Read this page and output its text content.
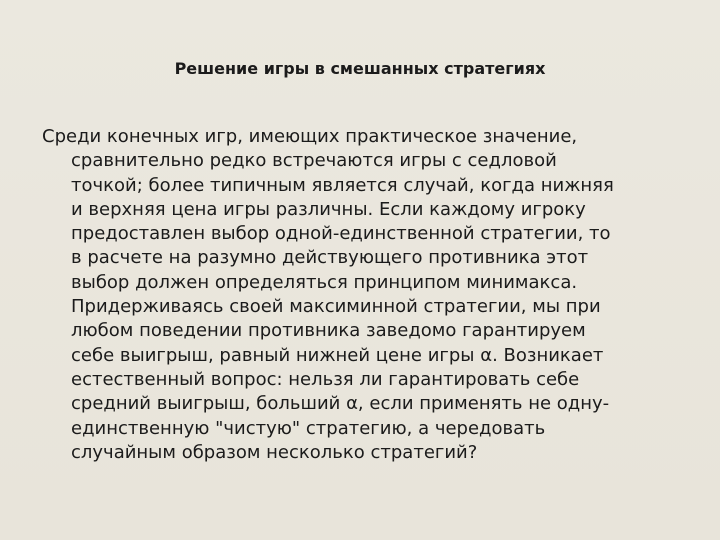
Решение игры в смешанных стратегиях
Среди конечных игр, имеющих практическое значение,
сравнительно редко встречаются игры с седловой
точкой; более типичным является случай, когда нижняя
и верхняя цена игры различны. Если каждому игроку
предоставлен выбор одной-единственной стратегии, то
в расчете на разумно действующего противника этот
выбор должен определяться принципом минимакса.
Придерживаясь своей максиминной стратегии, мы при
любом поведении противника заведомо гарантируем
себе выигрыш, равный нижней цене игры α. Возникает
естественный вопрос: нельзя ли гарантировать себе
средний выигрыш, больший α, если применять не одну-
единственную "чистую" стратегию, а чередовать
случайным образом несколько стратегий?
